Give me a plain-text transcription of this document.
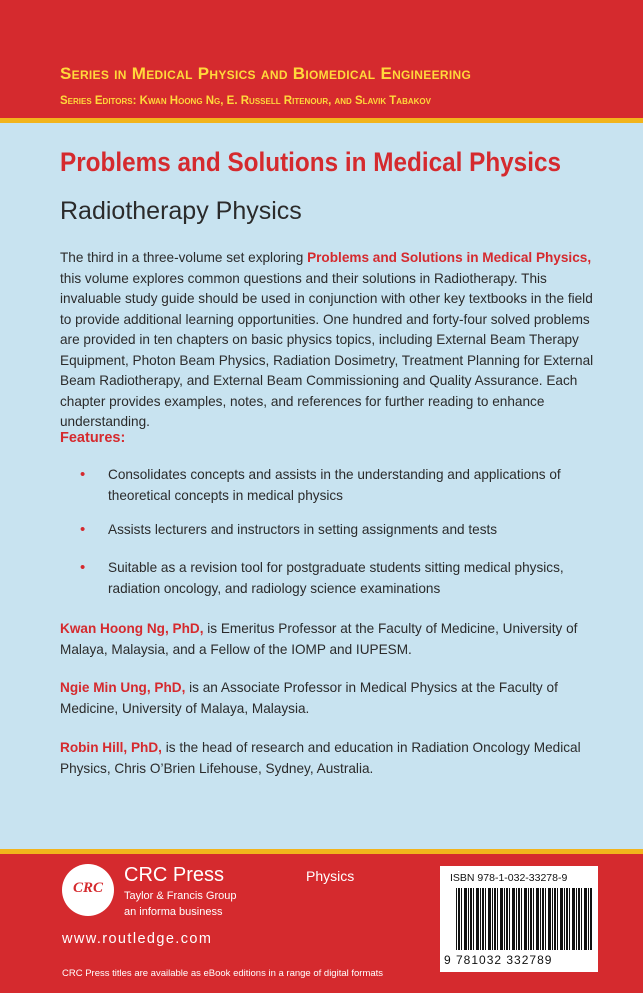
Series in Medical Physics and Biomedical Engineering
Series Editors: Kwan Hoong Ng, E. Russell Ritenour, and Slavik Tabakov
Problems and Solutions in Medical Physics
Radiotherapy Physics

The third in a three-volume set exploring Problems and Solutions in Medical Physics, this volume explores common questions and their solutions in Radiotherapy. This invaluable study guide should be used in conjunction with other key textbooks in the field to provide additional learning opportunities. One hundred and forty-four solved problems are provided in ten chapters on basic physics topics, including External Beam Therapy Equipment, Photon Beam Physics, Radiation Dosimetry, Treatment Planning for External Beam Radiotherapy, and External Beam Commissioning and Quality Assurance. Each chapter provides examples, notes, and references for further reading to enhance understanding.

Features:
• Consolidates concepts and assists in the understanding and applications of theoretical concepts in medical physics
• Assists lecturers and instructors in setting assignments and tests
• Suitable as a revision tool for postgraduate students sitting medical physics, radiation oncology, and radiology science examinations

Kwan Hoong Ng, PhD, is Emeritus Professor at the Faculty of Medicine, University of Malaya, Malaysia, and a Fellow of the IOMP and IUPESM.

Ngie Min Ung, PhD, is an Associate Professor in Medical Physics at the Faculty of Medicine, University of Malaya, Malaysia.

Robin Hill, PhD, is the head of research and education in Radiation Oncology Medical Physics, Chris O’Brien Lifehouse, Sydney, Australia.

CRC
CRC Press
Taylor & Francis Group
an informa business
www.routledge.com
CRC Press titles are available as eBook editions in a range of digital formats
Physics	ISBN 978-1-032-33278-9
9 781032 332789
